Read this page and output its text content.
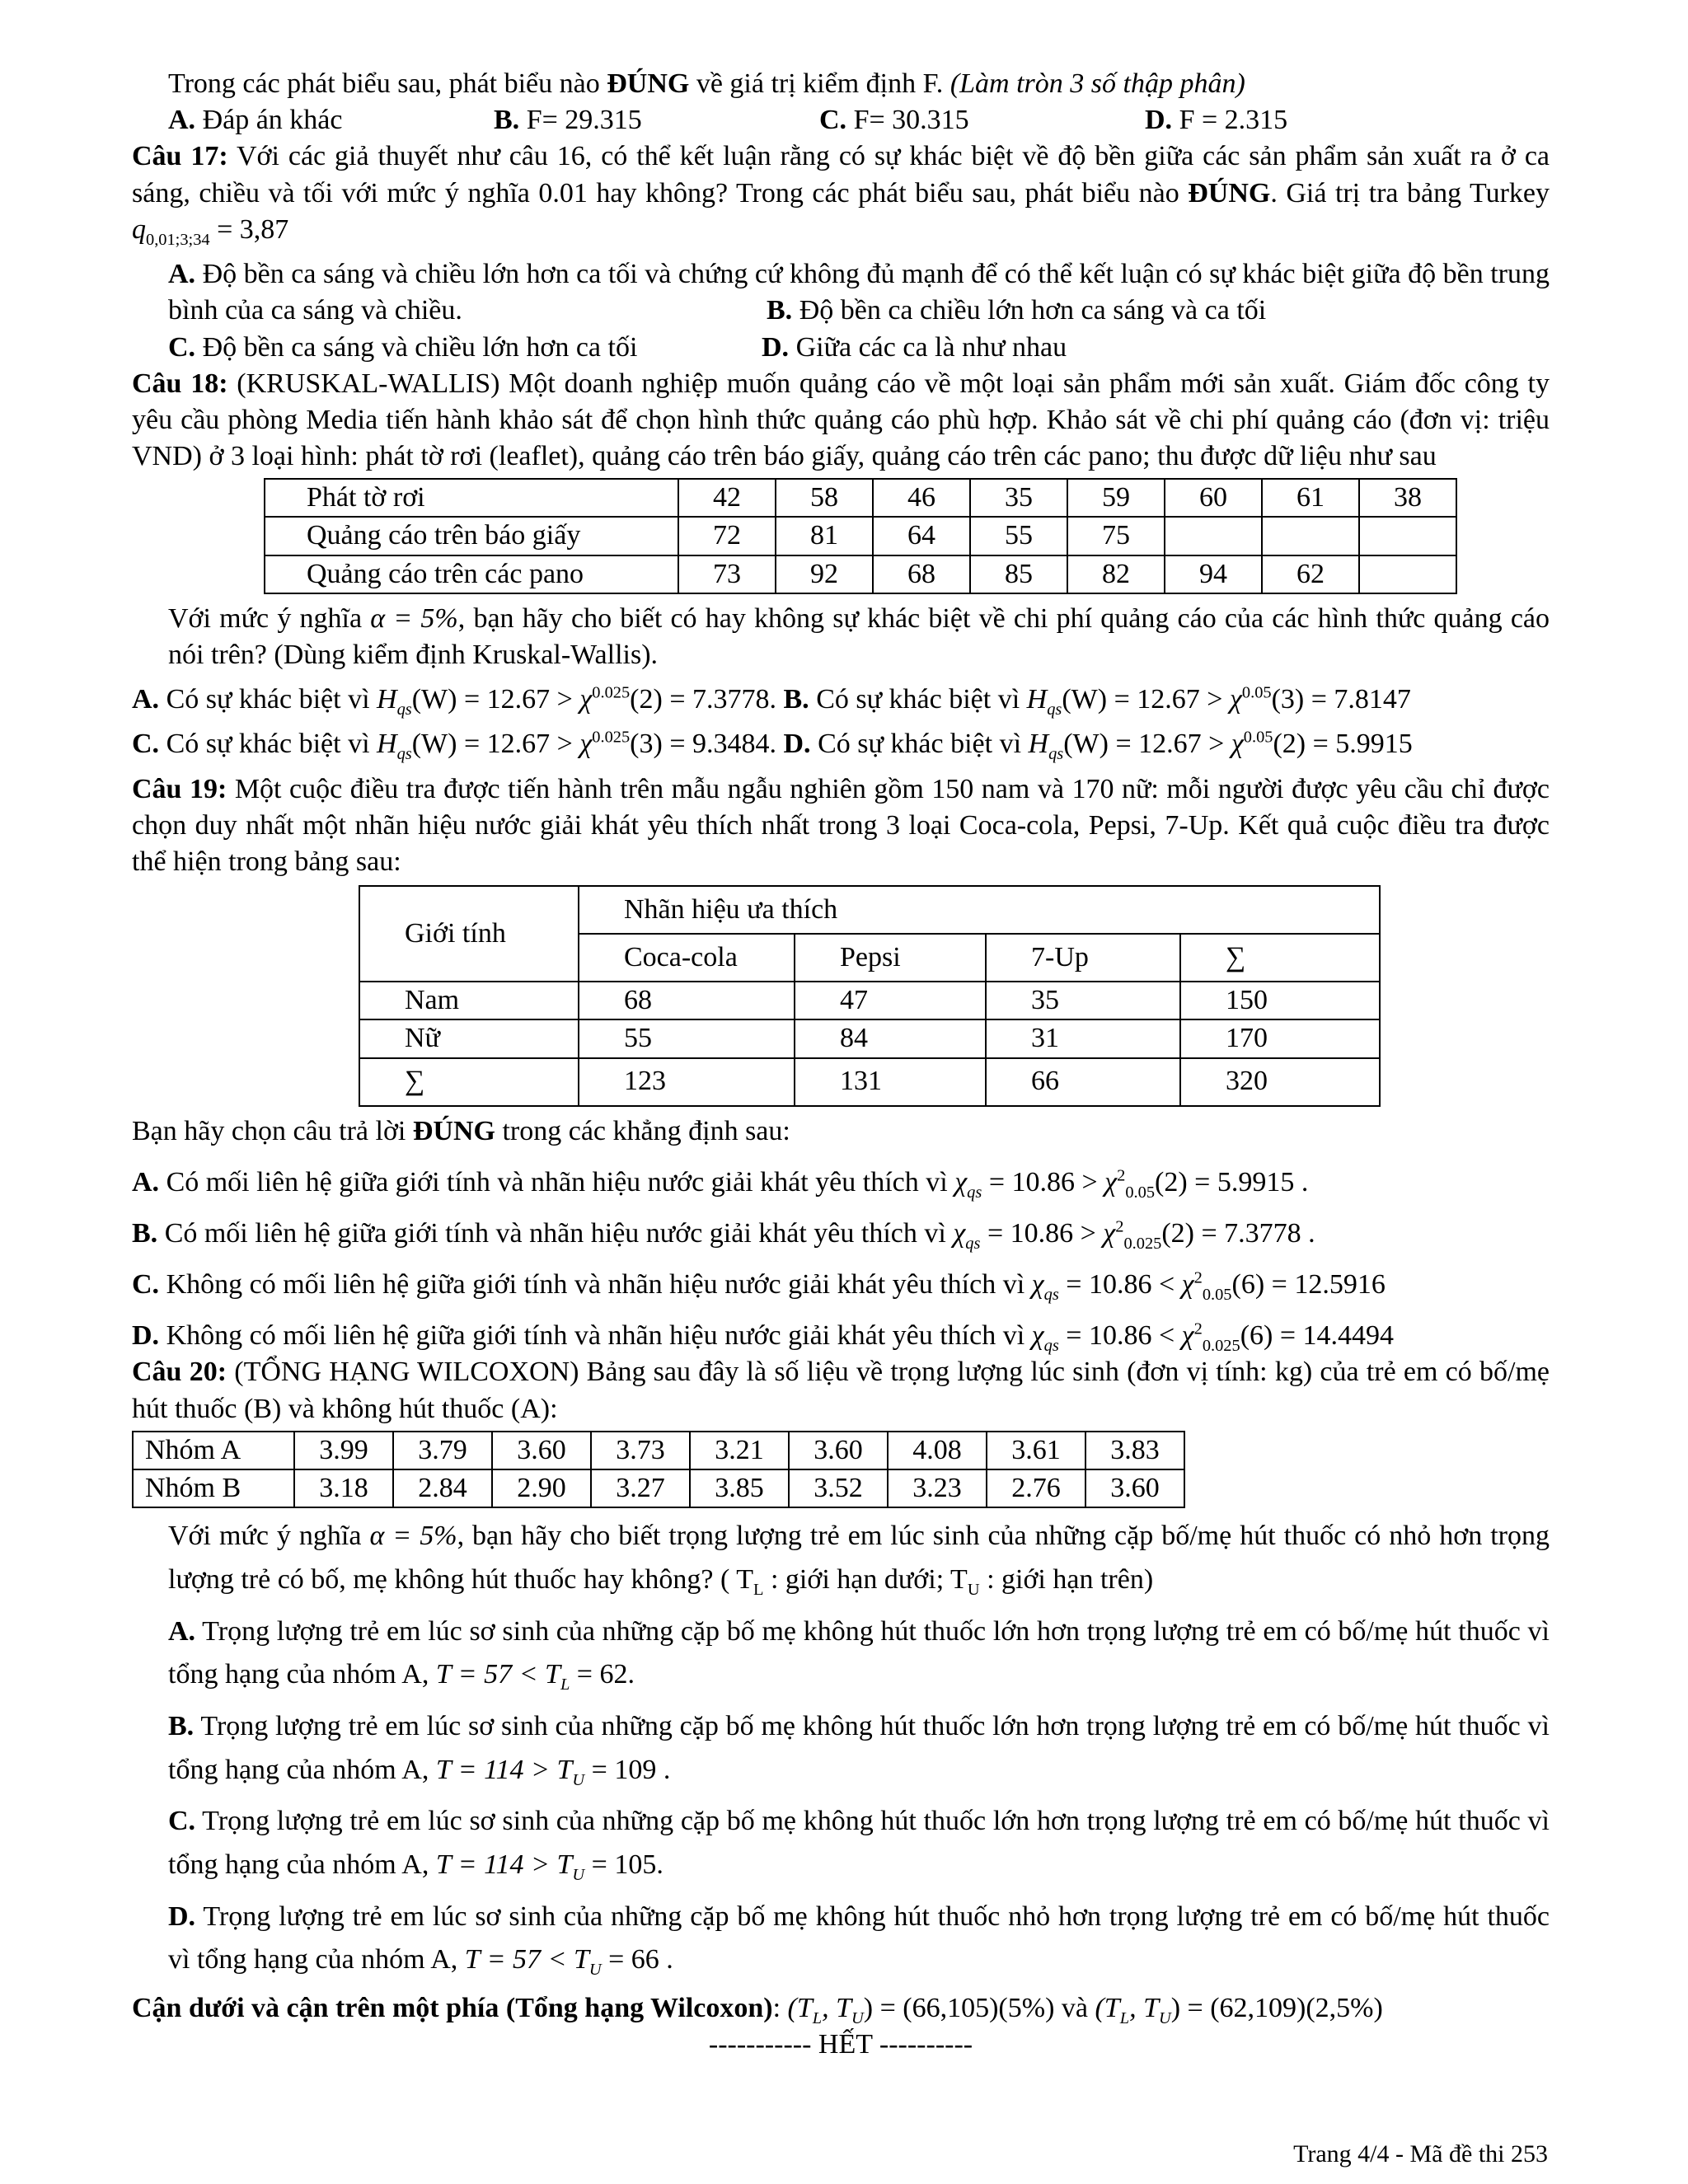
Trong các phát biểu sau, phát biểu nào ĐÚNG về giá trị kiểm định F. (Làm tròn 3 số thập phân)

A. Đáp án khác	B. F= 29.315	C. F= 30.315	D. F = 2.315

Câu 17: Với các giả thuyết như câu 16, có thể kết luận rằng có sự khác biệt về độ bền giữa các sản phẩm sản xuất ra ở ca sáng, chiều và tối với mức ý nghĩa 0.01 hay không? Trong các phát biểu sau, phát biểu nào ĐÚNG. Giá trị tra bảng Turkey $q_{0,01;3;34} = 3,87$

A. Độ bền ca sáng và chiều lớn hơn ca tối và chứng cứ không đủ mạnh để có thể kết luận có sự khác biệt giữa độ bền trung bình của ca sáng và chiều.	B. Độ bền ca chiều lớn hơn ca sáng và ca tối
C. Độ bền ca sáng và chiều lớn hơn ca tối	D. Giữa các ca là như nhau

Câu 18: (KRUSKAL-WALLIS) Một doanh nghiệp muốn quảng cáo về một loại sản phẩm mới sản xuất. Giám đốc công ty yêu cầu phòng Media tiến hành khảo sát để chọn hình thức quảng cáo phù hợp. Khảo sát về chi phí quảng cáo (đơn vị: triệu VND) ở 3 loại hình: phát tờ rơi (leaflet), quảng cáo trên báo giấy, quảng cáo trên các pano; thu được dữ liệu như sau

Phát tờ rơi	42	58	46	35	59	60	61	38
Quảng cáo trên báo giấy	72	81	64	55	75			
Quảng cáo trên các pano	73	92	68	85	82	94	62	

Với mức ý nghĩa α = 5%, bạn hãy cho biết có hay không sự khác biệt về chi phí quảng cáo của các hình thức quảng cáo nói trên? (Dùng kiểm định Kruskal-Wallis).

A. Có sự khác biệt vì $H_{qs}(W) = 12.67 > \chi^{0.025}(2) = 7.3778$. B. Có sự khác biệt vì $H_{qs}(W) = 12.67 > \chi^{0.05}(3) = 7.8147$

C. Có sự khác biệt vì $H_{qs}(W) = 12.67 > \chi^{0.025}(3) = 9.3484$. D. Có sự khác biệt vì $H_{qs}(W) = 12.67 > \chi^{0.05}(2) = 5.9915$

Câu 19: Một cuộc điều tra được tiến hành trên mẫu ngẫu nghiên gồm 150 nam và 170 nữ: mỗi người được yêu cầu chỉ được chọn duy nhất một nhãn hiệu nước giải khát yêu thích nhất trong 3 loại Coca-cola, Pepsi, 7-Up. Kết quả cuộc điều tra được thể hiện trong bảng sau:

Giới tính	Nhãn hiệu ưa thích			
	Coca-cola	Pepsi	7-Up	∑
Nam	68	47	35	150
Nữ	55	84	31	170
∑	123	131	66	320

Bạn hãy chọn câu trả lời ĐÚNG trong các khẳng định sau:

A. Có mối liên hệ giữa giới tính và nhãn hiệu nước giải khát yêu thích vì $\chi_{qs} = 10.86 > \chi^2_{0.05}(2) = 5.9915$ .

B. Có mối liên hệ giữa giới tính và nhãn hiệu nước giải khát yêu thích vì $\chi_{qs} = 10.86 > \chi^2_{0.025}(2) = 7.3778$ .

C. Không có mối liên hệ giữa giới tính và nhãn hiệu nước giải khát yêu thích vì $\chi_{qs} = 10.86 < \chi^2_{0.05}(6) = 12.5916$

D. Không có mối liên hệ giữa giới tính và nhãn hiệu nước giải khát yêu thích vì $\chi_{qs} = 10.86 < \chi^2_{0.025}(6) = 14.4494$

Câu 20: (TỔNG HẠNG WILCOXON) Bảng sau đây là số liệu về trọng lượng lúc sinh (đơn vị tính: kg) của trẻ em có bố/mẹ hút thuốc (B) và không hút thuốc (A):

Nhóm A	3.99	3.79	3.60	3.73	3.21	3.60	4.08	3.61	3.83
Nhóm B	3.18	2.84	2.90	3.27	3.85	3.52	3.23	2.76	3.60

Với mức ý nghĩa α = 5%, bạn hãy cho biết trọng lượng trẻ em lúc sinh của những cặp bố/mẹ hút thuốc có nhỏ hơn trọng lượng trẻ có bố, mẹ không hút thuốc hay không? ( $T_L$ : giới hạn dưới; $T_U$ : giới hạn trên)

A. Trọng lượng trẻ em lúc sơ sinh của những cặp bố mẹ không hút thuốc lớn hơn trọng lượng trẻ em có bố/mẹ hút thuốc vì tổng hạng của nhóm A, $T = 57 < T_L = 62$.

B. Trọng lượng trẻ em lúc sơ sinh của những cặp bố mẹ không hút thuốc lớn hơn trọng lượng trẻ em có bố/mẹ hút thuốc vì tổng hạng của nhóm A, $T = 114 > T_U = 109$ .

C. Trọng lượng trẻ em lúc sơ sinh của những cặp bố mẹ không hút thuốc lớn hơn trọng lượng trẻ em có bố/mẹ hút thuốc vì tổng hạng của nhóm A, $T = 114 > T_U = 105$.

D. Trọng lượng trẻ em lúc sơ sinh của những cặp bố mẹ không hút thuốc nhỏ hơn trọng lượng trẻ em có bố/mẹ hút thuốc vì tổng hạng của nhóm A, $T = 57 < T_U = 66$ .

Cận dưới và cận trên một phía (Tổng hạng Wilcoxon): ($T_L$, $T_U) = (66,105)(5\%)$ và ($T_L$, $T_U) = (62,109)(2,5\%)$

----------- HẾT ----------

Trang 4/4 - Mã đề thi 253
